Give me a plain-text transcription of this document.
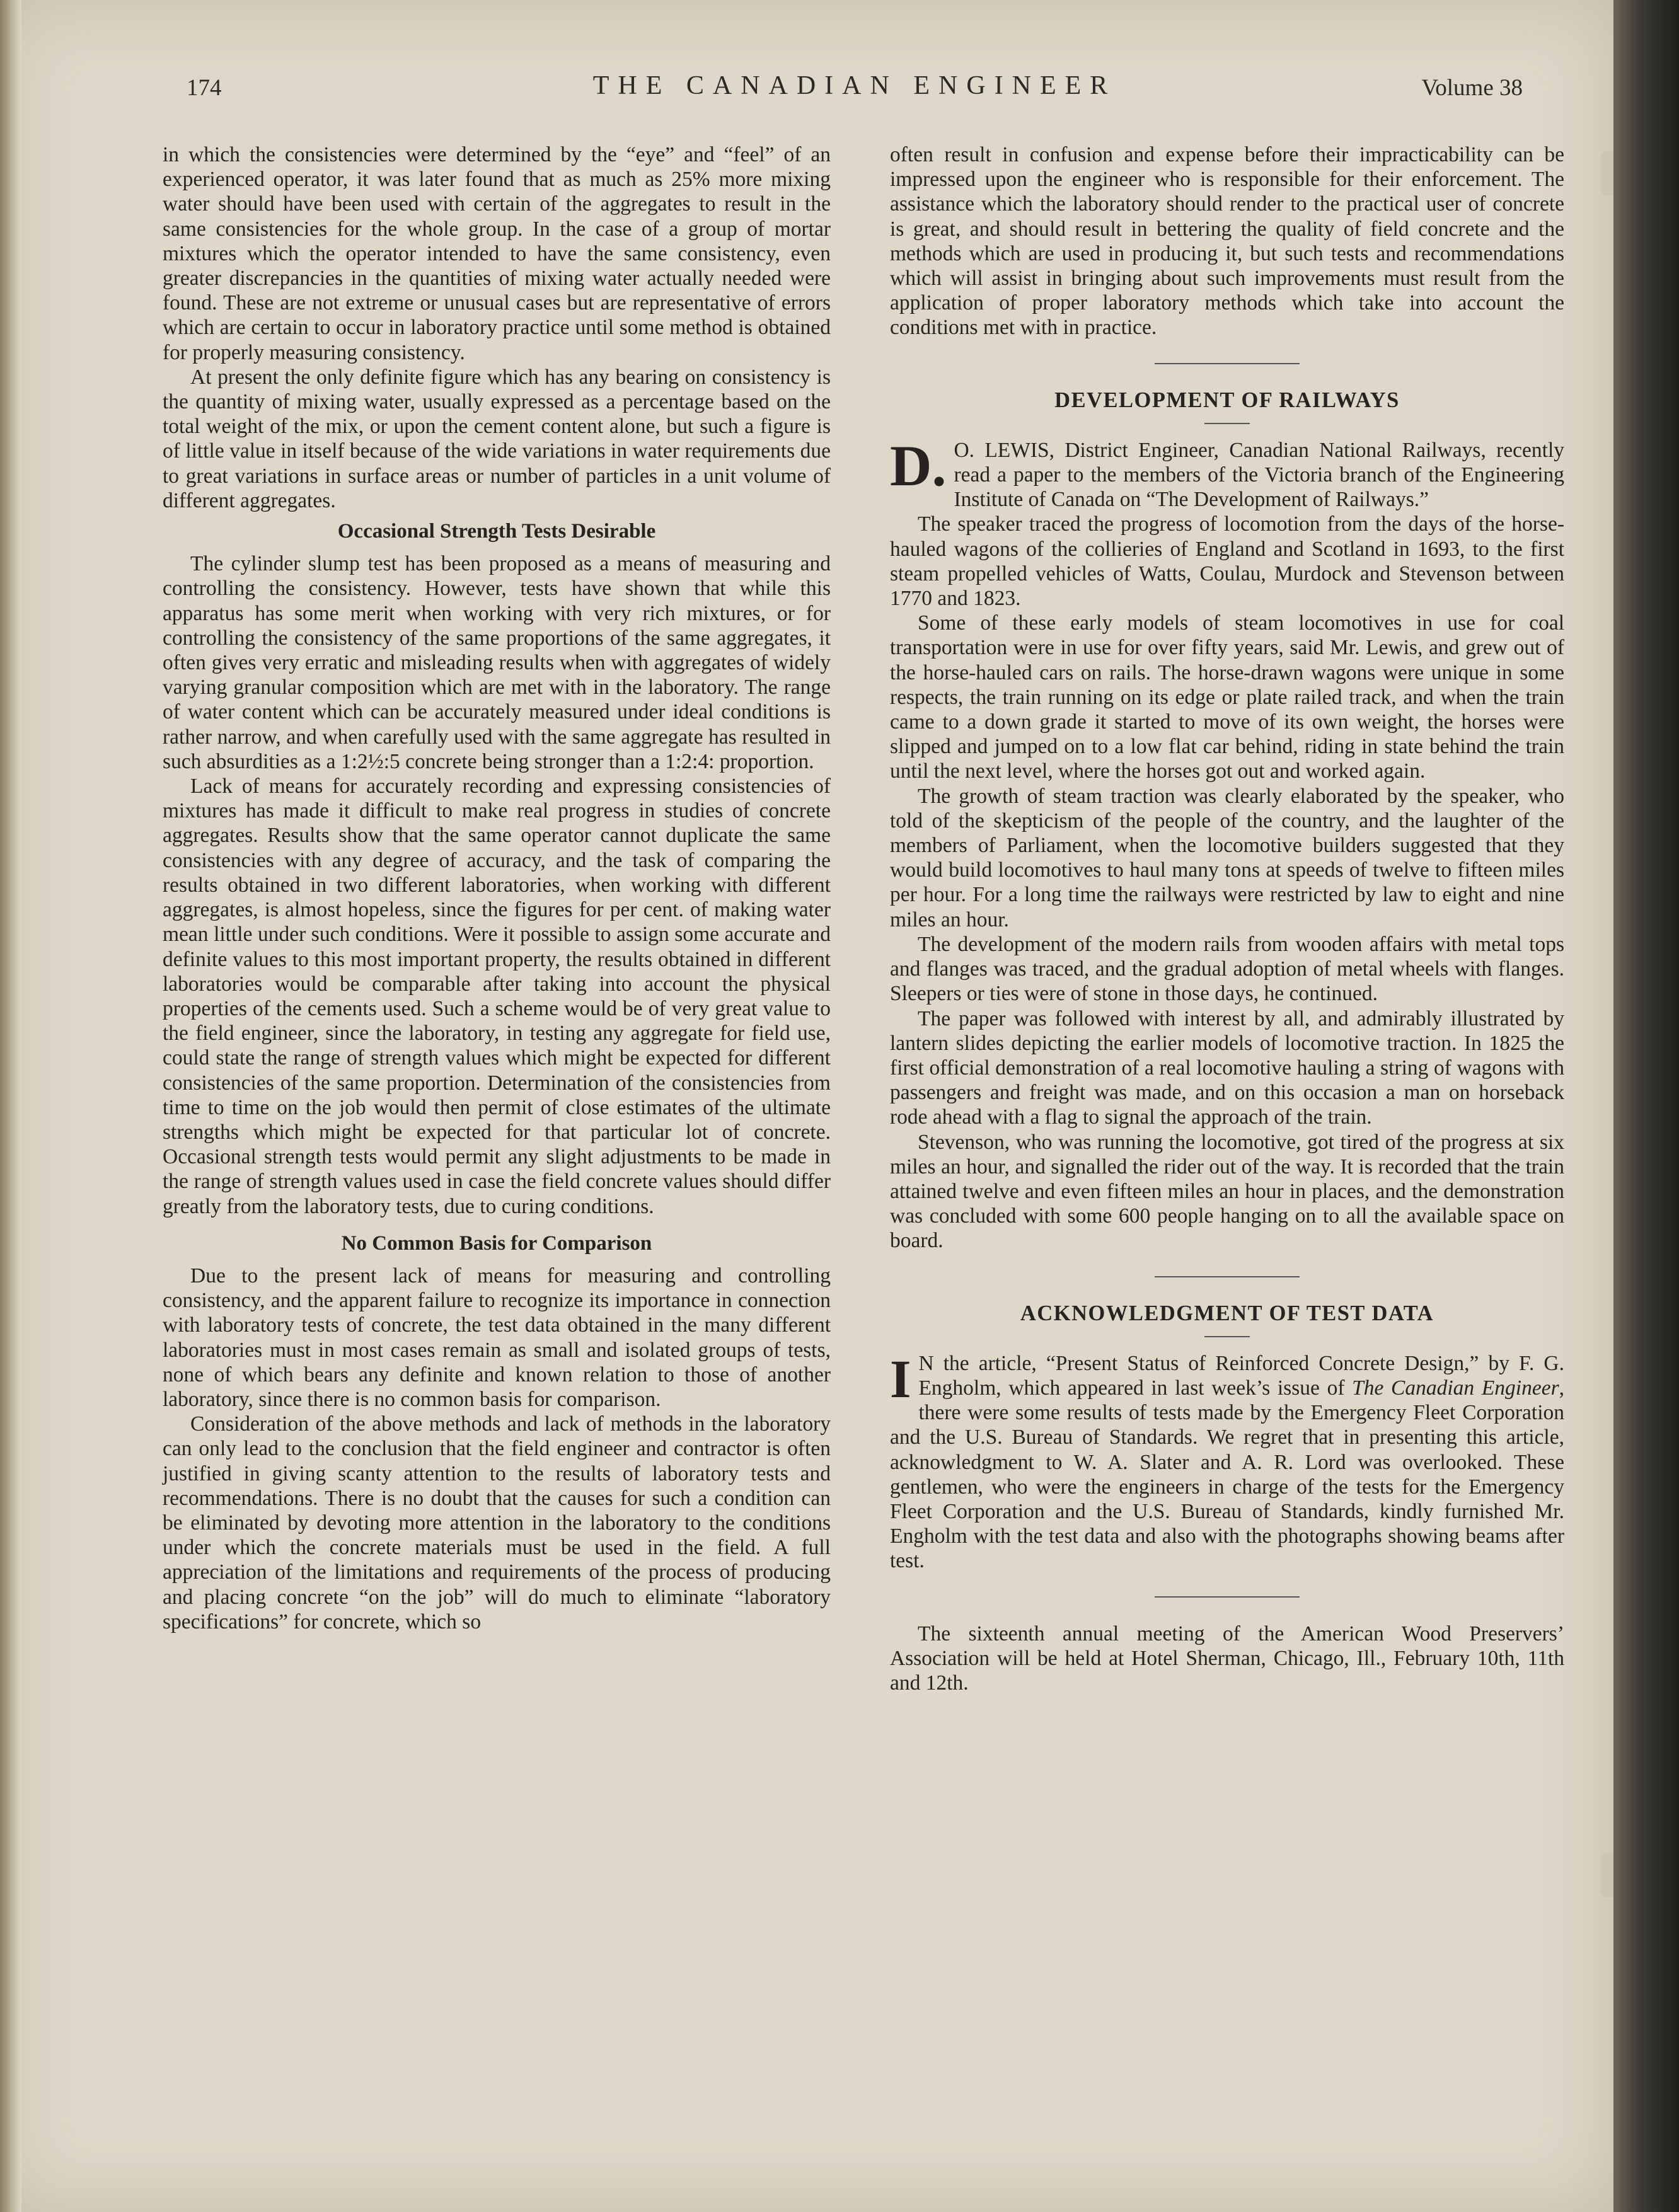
174	THE CANADIAN ENGINEER	Volume 38

in which the consistencies were determined by the “eye” and “feel” of an experienced operator, it was later found that as much as 25% more mixing water should have been used with certain of the aggregates to result in the same consistencies for the whole group. In the case of a group of mortar mixtures which the operator intended to have the same consistency, even greater discrepancies in the quantities of mixing water actually needed were found. These are not extreme or unusual cases but are representative of errors which are certain to occur in laboratory practice until some method is obtained for properly measuring consistency.

At present the only definite figure which has any bearing on consistency is the quantity of mixing water, usually expressed as a percentage based on the total weight of the mix, or upon the cement content alone, but such a figure is of little value in itself because of the wide variations in water requirements due to great variations in surface areas or number of particles in a unit volume of different aggregates.

Occasional Strength Tests Desirable

The cylinder slump test has been proposed as a means of measuring and controlling the consistency. However, tests have shown that while this apparatus has some merit when working with very rich mixtures, or for controlling the consistency of the same proportions of the same aggregates, it often gives very erratic and misleading results when with aggregates of widely varying granular composition which are met with in the laboratory. The range of water content which can be accurately measured under ideal conditions is rather narrow, and when carefully used with the same aggregate has resulted in such absurdities as a 1:2½:5 concrete being stronger than a 1:2:4: proportion.

Lack of means for accurately recording and expressing consistencies of mixtures has made it difficult to make real progress in studies of concrete aggregates. Results show that the same operator cannot duplicate the same consistencies with any degree of accuracy, and the task of comparing the results obtained in two different laboratories, when working with different aggregates, is almost hopeless, since the figures for per cent. of making water mean little under such conditions. Were it possible to assign some accurate and definite values to this most important property, the results obtained in different laboratories would be comparable after taking into account the physical properties of the cements used. Such a scheme would be of very great value to the field engineer, since the laboratory, in testing any aggregate for field use, could state the range of strength values which might be expected for different consistencies of the same proportion. Determination of the consistencies from time to time on the job would then permit of close estimates of the ultimate strengths which might be expected for that particular lot of concrete. Occasional strength tests would permit any slight adjustments to be made in the range of strength values used in case the field concrete values should differ greatly from the laboratory tests, due to curing conditions.

No Common Basis for Comparison

Due to the present lack of means for measuring and controlling consistency, and the apparent failure to recognize its importance in connection with laboratory tests of concrete, the test data obtained in the many different laboratories must in most cases remain as small and isolated groups of tests, none of which bears any definite and known relation to those of another laboratory, since there is no common basis for comparison.

Consideration of the above methods and lack of methods in the laboratory can only lead to the conclusion that the field engineer and contractor is often justified in giving scanty attention to the results of laboratory tests and recommendations. There is no doubt that the causes for such a condition can be eliminated by devoting more attention in the laboratory to the conditions under which the concrete materials must be used in the field. A full appreciation of the limitations and requirements of the process of producing and placing concrete “on the job” will do much to eliminate “laboratory specifications” for concrete, which so

often result in confusion and expense before their impracticability can be impressed upon the engineer who is responsible for their enforcement. The assistance which the laboratory should render to the practical user of concrete is great, and should result in bettering the quality of field concrete and the methods which are used in producing it, but such tests and recommendations which will assist in bringing about such improvements must result from the application of proper laboratory methods which take into account the conditions met with in practice.

DEVELOPMENT OF RAILWAYS

D. O. LEWIS, District Engineer, Canadian National Railways, recently read a paper to the members of the Victoria branch of the Engineering Institute of Canada on “The Development of Railways.”

The speaker traced the progress of locomotion from the days of the horse-hauled wagons of the collieries of England and Scotland in 1693, to the first steam propelled vehicles of Watts, Coulau, Murdock and Stevenson between 1770 and 1823.

Some of these early models of steam locomotives in use for coal transportation were in use for over fifty years, said Mr. Lewis, and grew out of the horse-hauled cars on rails. The horse-drawn wagons were unique in some respects, the train running on its edge or plate railed track, and when the train came to a down grade it started to move of its own weight, the horses were slipped and jumped on to a low flat car behind, riding in state behind the train until the next level, where the horses got out and worked again.

The growth of steam traction was clearly elaborated by the speaker, who told of the skepticism of the people of the country, and the laughter of the members of Parliament, when the locomotive builders suggested that they would build locomotives to haul many tons at speeds of twelve to fifteen miles per hour. For a long time the railways were restricted by law to eight and nine miles an hour.

The development of the modern rails from wooden affairs with metal tops and flanges was traced, and the gradual adoption of metal wheels with flanges. Sleepers or ties were of stone in those days, he continued.

The paper was followed with interest by all, and admirably illustrated by lantern slides depicting the earlier models of locomotive traction. In 1825 the first official demonstration of a real locomotive hauling a string of wagons with passengers and freight was made, and on this occasion a man on horseback rode ahead with a flag to signal the approach of the train.

Stevenson, who was running the locomotive, got tired of the progress at six miles an hour, and signalled the rider out of the way. It is recorded that the train attained twelve and even fifteen miles an hour in places, and the demonstration was concluded with some 600 people hanging on to all the available space on board.

ACKNOWLEDGMENT OF TEST DATA

I N the article, “Present Status of Reinforced Concrete Design,” by F. G. Engholm, which appeared in last week’s issue of The Canadian Engineer, there were some results of tests made by the Emergency Fleet Corporation and the U.S. Bureau of Standards. We regret that in presenting this article, acknowledgment to W. A. Slater and A. R. Lord was overlooked. These gentlemen, who were the engineers in charge of the tests for the Emergency Fleet Corporation and the U.S. Bureau of Standards, kindly furnished Mr. Engholm with the test data and also with the photographs showing beams after test.

The sixteenth annual meeting of the American Wood Preservers’ Association will be held at Hotel Sherman, Chicago, Ill., February 10th, 11th and 12th.
